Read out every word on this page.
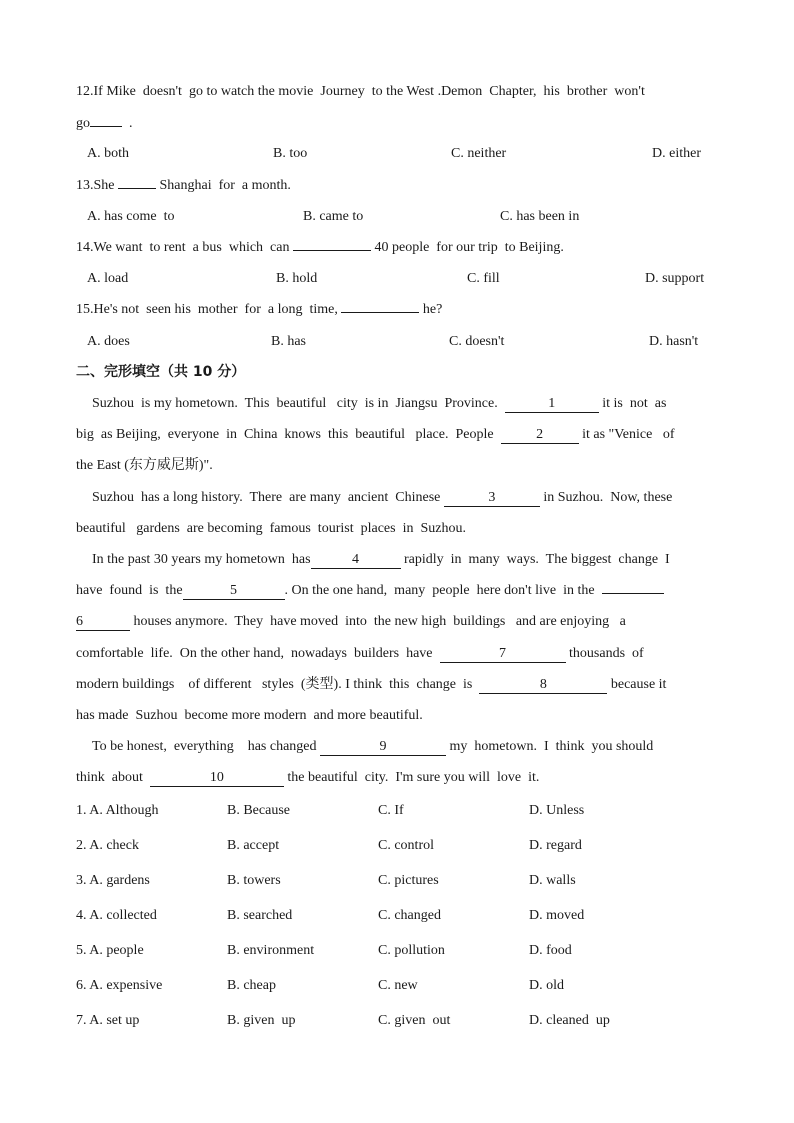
12.If Mike  doesn't  go to watch the movie  Journey  to the West .Demon  Chapter,  his  brother  won't
go  .
A. both	B. too	C. neither	D. either
13.She	Shanghai  for  a month.
A. has come  to	B. came to	C. has been in
14.We want  to rent  a bus  which  can	40 people  for our trip  to Beijing.
A. load	B. hold	C. fill	D. support
15.He's not  seen his  mother  for  a long  time,	he?
A. does	B. has	C. doesn't	D. hasn't
二、完形填空（共 10 分）
Suzhou  is my hometown.  This  beautiful   city  is in  Jiangsu  Province.	1	it is  not  as
big  as Beijing,  everyone  in  China  knows  this  beautiful   place.  People	2	it as "Venice   of
the East (东方威尼斯)".
Suzhou  has a long history.  There  are many  ancient  Chinese	3	in Suzhou.  Now, these
beautiful   gardens  are becoming  famous  tourist  places  in  Suzhou.
In the past 30 years my hometown  has	4	rapidly  in  many  ways.  The biggest  change  I
have  found  is  the	5	. On the one hand,  many  people  here don't live  in the
6	houses anymore.  They  have moved  into  the new high  buildings   and are enjoying   a
comfortable  life.  On the other hand,  nowadays  builders  have	7	thousands  of
modern buildings    of different   styles  (类型). I think  this  change  is	8	because it
has made  Suzhou  become more modern  and more beautiful.
To be honest,  everything    has changed	9	my  hometown.  I  think  you should
think  about	10	the beautiful  city.  I'm sure you will  love  it.
1. A. Although	B. Because	C. If	D. Unless
2. A. check	B. accept	C. control	D. regard
3. A. gardens	B. towers	C. pictures	D. walls
4. A. collected	B. searched	C. changed	D. moved
5. A. people	B. environment	C. pollution	D. food
6. A. expensive	B. cheap	C. new	D. old
7. A. set up	B. given  up	C. given  out	D. cleaned  up
